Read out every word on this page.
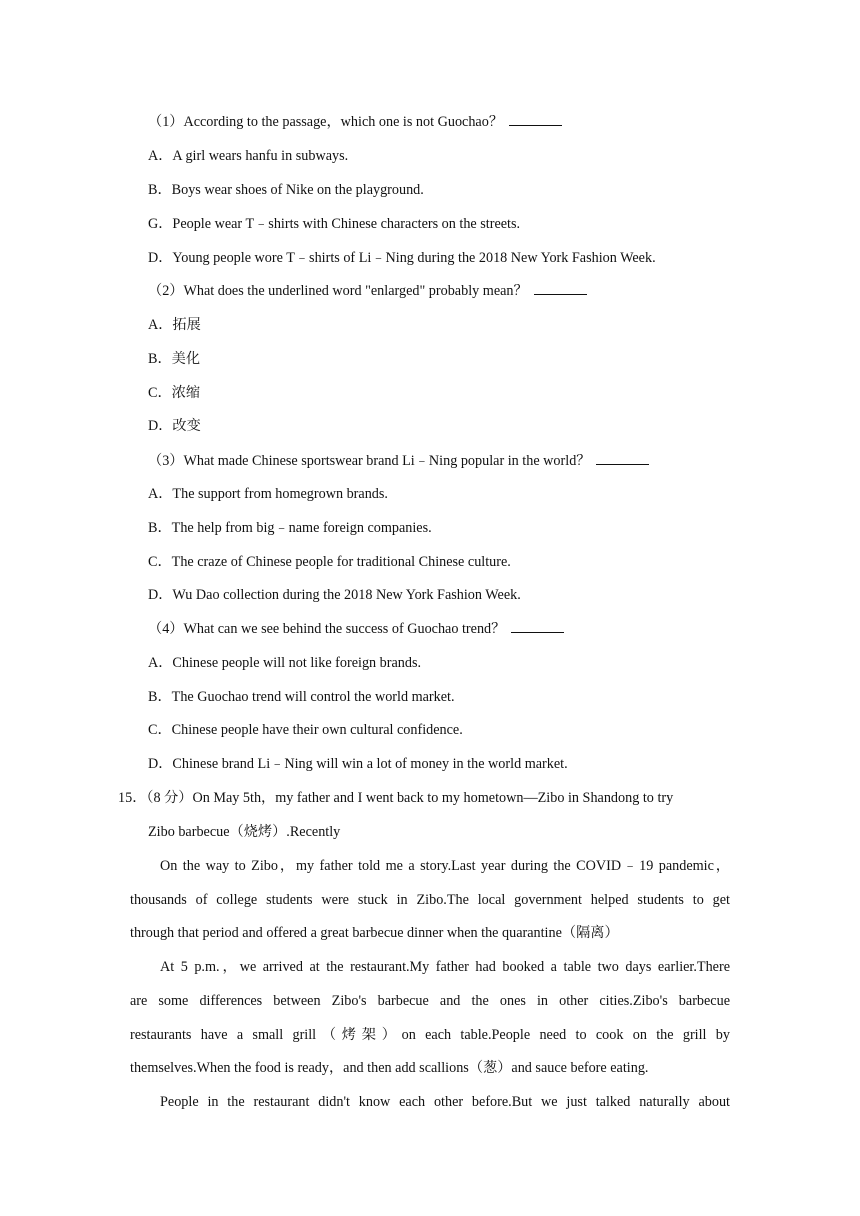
（1）According to the passage，which one is not Guochao？
A．A girl wears hanfu in subways.
B．Boys wear shoes of Nike on the playground.
G．People wear T﹣shirts with Chinese characters on the streets.
D．Young people wore T﹣shirts of Li﹣Ning during the 2018 New York Fashion Week.
（2）What does the underlined word "enlarged" probably mean？
A．拓展
B．美化
C．浓缩
D．改变
（3）What made Chinese sportswear brand Li﹣Ning popular in the world？
A．The support from homegrown brands.
B．The help from big﹣name foreign companies.
C．The craze of Chinese people for traditional Chinese culture.
D．Wu Dao collection during the 2018 New York Fashion Week.
（4）What can we see behind the success of Guochao trend？
A．Chinese people will not like foreign brands.
B．The Guochao trend will control the world market.
C．Chinese people have their own cultural confidence.
D．Chinese brand Li﹣Ning will win a lot of money in the world market.
15．（8 分）On May 5th，my father and I went back to my hometown—Zibo in Shandong to try
Zibo barbecue（烧烤）.Recently
On the way to Zibo，my father told me a story.Last year during the COVID﹣19 pandemic，
thousands of college students were stuck in Zibo.The local government helped students to get
through that period and offered a great barbecue dinner when the quarantine（隔离）
At 5 p.m.，we arrived at the restaurant.My father had booked a table two days earlier.There
are some differences between Zibo's barbecue and the ones in other cities.Zibo's barbecue
restaurants have a small grill（烤架）on each table.People need to cook on the grill by
themselves.When the food is ready，and then add scallions（葱）and sauce before eating.
People in the restaurant didn't know each other before.But we just talked naturally about
